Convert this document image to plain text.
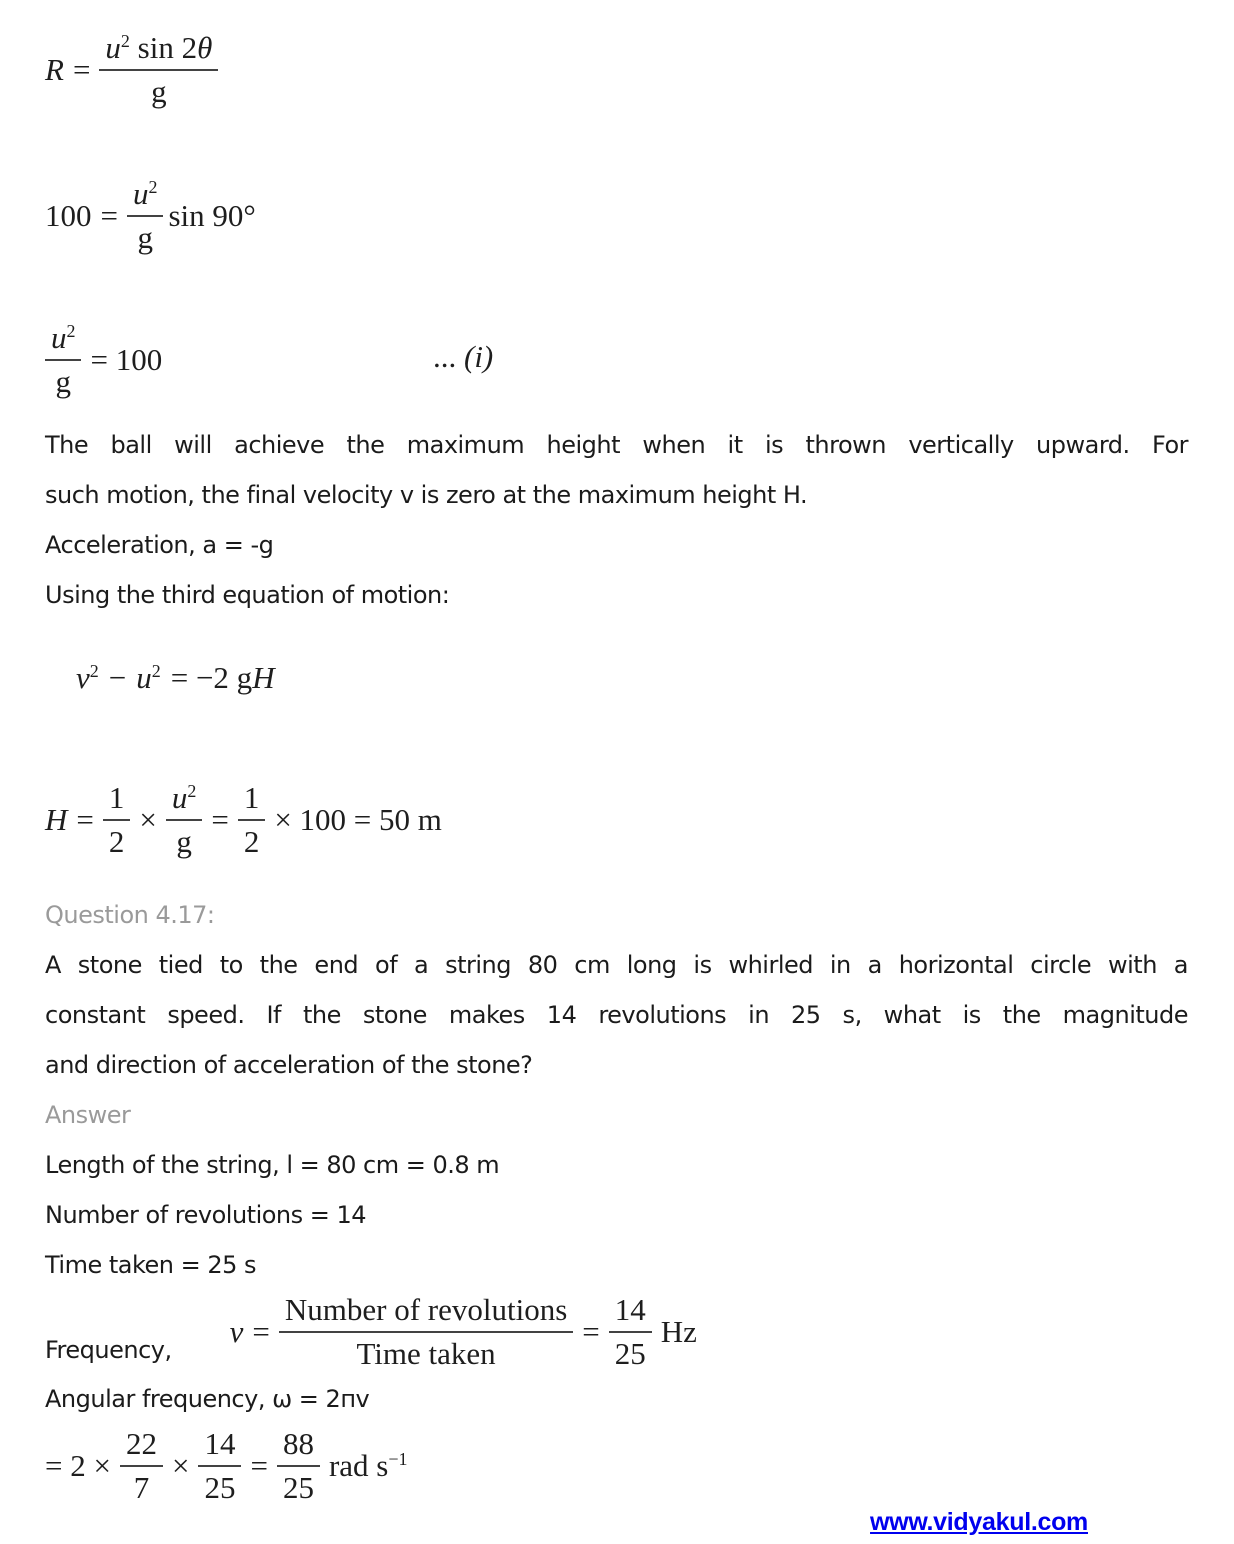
$R = \frac{u^2 \sin 2\theta}{g}$
$100 = \frac{u^2}{g}$ sin 90°
$\frac{u^2}{g} = 100$	... (i)
The ball will achieve the maximum height when it is thrown vertically upward. For
such motion, the final velocity v is zero at the maximum height H.
Acceleration, a = -g
Using the third equation of motion:

$v^2 - u^2 = -2$ gH

$H = \frac{1}{2} \times \frac{u^2}{g} = \frac{1}{2} \times 100 = 50$ m
Question 4.17:
A stone tied to the end of a string 80 cm long is whirled in a horizontal circle with a
constant speed. If the stone makes 14 revolutions in 25 s, what is the magnitude
and direction of acceleration of the stone?
Answer
Length of the string, l = 80 cm = 0.8 m
Number of revolutions = 14
Time taken = 25 s
Frequency,
$\nu = \frac{\text{Number of revolutions}}{\text{Time taken}} = \frac{14}{25}$ Hz
Angular frequency, ω = 2пv
= $2 \times \frac{22}{7} \times \frac{14}{25} = \frac{88}{25}$ rad $s^{-1}$
www.vidyakul.com
